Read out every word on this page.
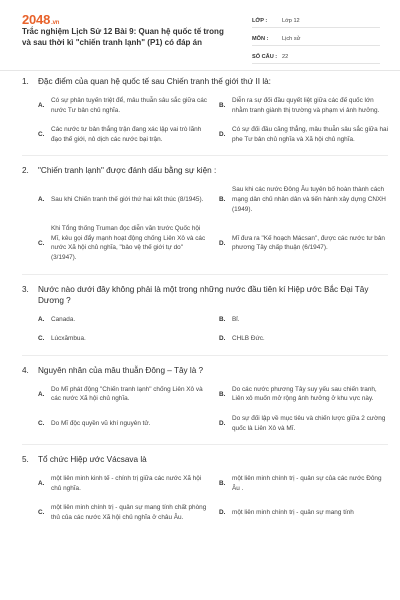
2048.vn
Trắc nghiệm Lịch Sử 12 Bài 9: Quan hệ quốc tế trong và sau thời kì "chiến tranh lạnh" (P1) có đáp án
LỚP :	Lớp 12
MÔN :	Lịch sử
SỐ CÂU : 22
1.	Đặc điểm của quan hệ quốc tế sau Chiến tranh thế giới thứ II là:
A.
Có sự phân tuyến triệt để, mâu thuẫn sâu sắc giữa các nước Tư bản chủ nghĩa.
B.
Diễn ra sự đối đầu quyết liệt giữa các đế quốc lớn nhằm tranh giành thị trường và phạm vi ảnh hưởng.
C.
Các nước tư bản thắng trận đang xác lập vai trò lãnh đạo thế giới, nô dịch các nước bại trận.
D.
Có sự đối đầu căng thẳng, mâu thuẫn sâu sắc giữa hai phe Tư bản chủ nghĩa và Xã hội chủ nghĩa.
2.	"Chiến tranh lạnh" được đánh dấu bằng sự kiện :
A.	Sau khi Chiến tranh thế giới thứ hai kết thúc (8/1945).	B.
Sau khi các nước Đông Âu tuyên bố hoàn thành cách mạng dân chủ nhân dân và tiến hành xây dựng CNXH (1949).
C.
Khi Tổng thống Truman đọc diễn văn trước Quốc hội Mĩ, kêu gọi đẩy mạnh hoạt động chống Liên Xô và các nước Xã hội chủ nghĩa, "bảo vệ thế giới tự do" (3/1947).
D.
Mĩ đưa ra "Kế hoạch Mácsan", được các nước tư bản phương Tây chấp thuận (6/1947).
3.	Nước nào dưới đây không phải là một trong những nước đầu tiên kí Hiệp ước Bắc Đại Tây Dương ?
A.	Canada.	B.	Bỉ.
C.	Lúcxămbua.	D.	CHLB Đức.
4.	Nguyên nhân của mâu thuẫn Đông – Tây là ?
A.
Do Mĩ phát động "Chiến tranh lạnh" chống Liên Xô và các nước Xã hội chủ nghĩa.
B.
Do các nước phương Tây suy yếu sau chiến tranh, Liên xô muốn mở rộng ảnh hưởng ở khu vực này.
C.	Do Mĩ độc quyền vũ khí nguyên tử.	D.
Do sự đối lập về mục tiêu và chiến lược giữa 2 cường quốc là Liên Xô và Mĩ.
5.	Tổ chức Hiệp ước Vácsava là
A.
một liên minh kinh tế - chính trị giữa các nước Xã hội chủ nghĩa.
B.
một liên minh chính trị - quân sự của các nước Đông Âu .
C.
một liên minh chính trị - quân sự mang tính chất phòng thủ của các nước Xã hội chủ nghĩa ở châu Âu.
D.	một liên minh chính trị - quân sự mang tính
